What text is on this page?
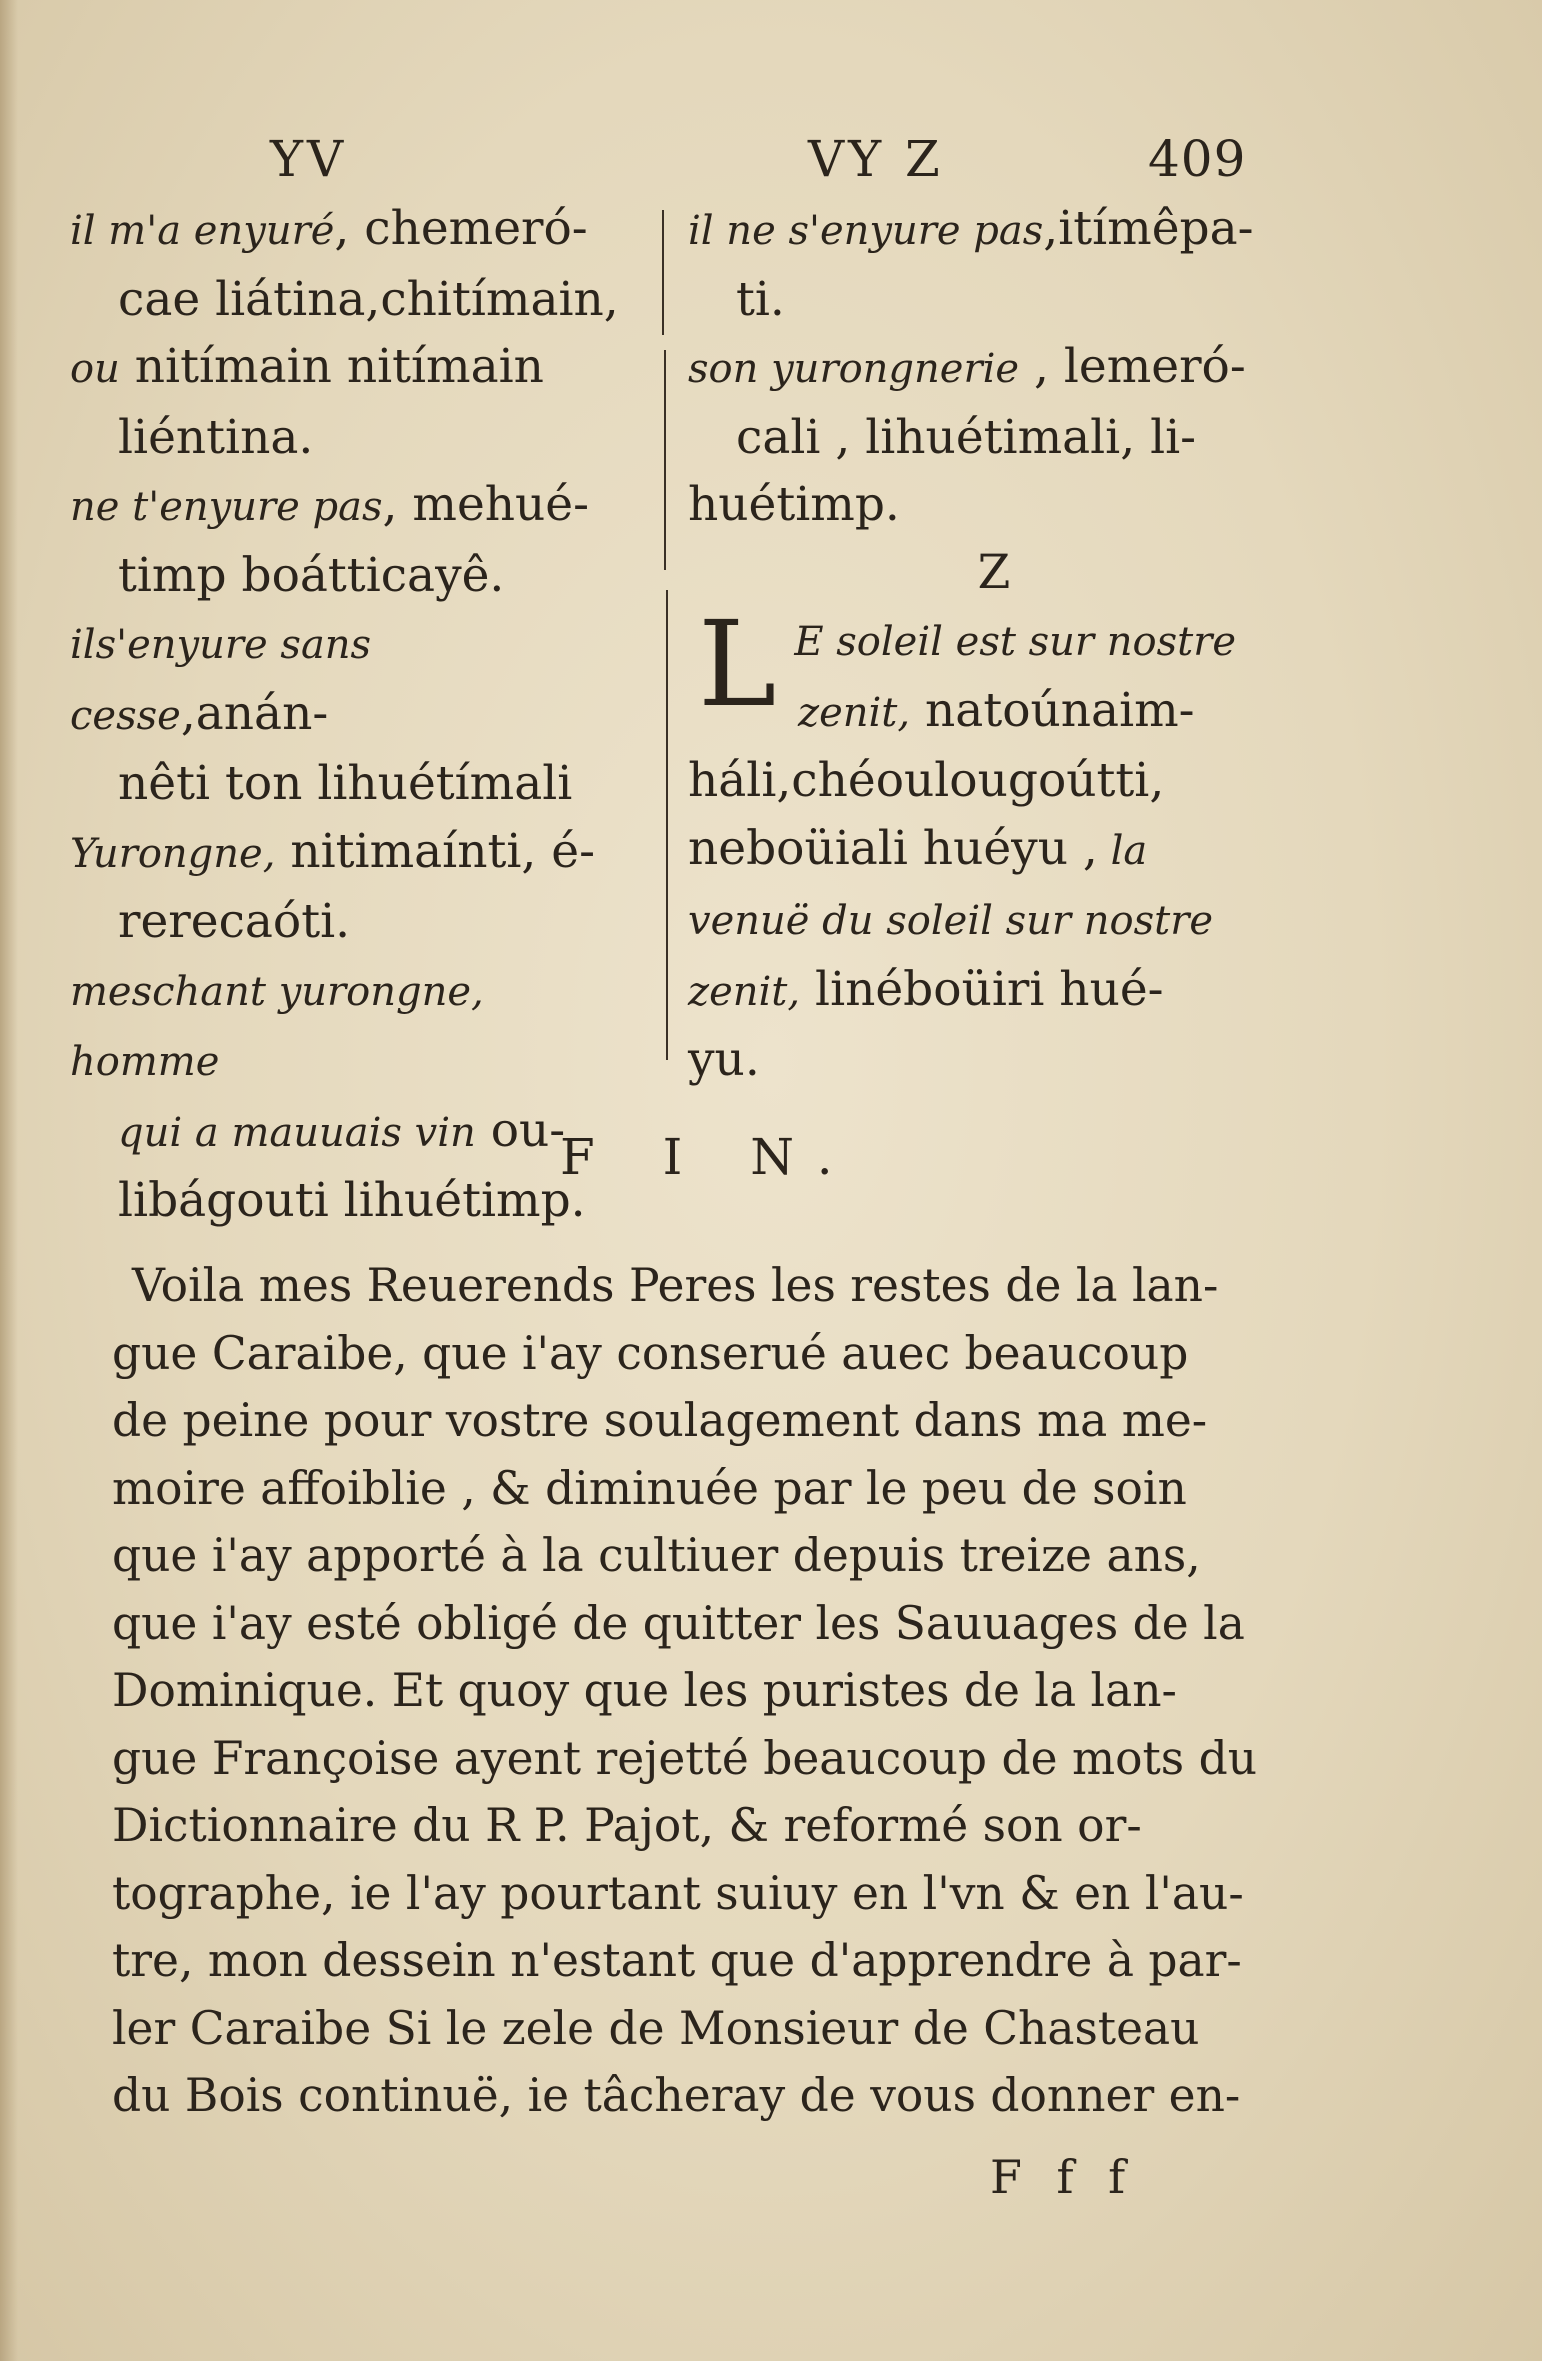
YV	VY Z	409
il m'a enyuré, chemeró-
cae liátina,chitímain,
ou nitímain nitímain
liéntina.
ne t'enyure pas, mehué-
timp boátticayê.
ils'enyure sans cesse,anán-
nêti ton lihuétímali
Yurongne, nitimaínti, é-
rerecaóti.
meschant yurongne, homme
qui a mauuais vin ou-
libágouti lihuétimp.
il ne s'enyure pas,itímêpa-
ti.
son yurongnerie , lemeró-
cali , lihuétimali, li-
huétimp.
Z
L E soleil est sur nostre
zenit, natoúnaim-
háli,chéoulougoútti,
neboüiali huéyu , la
venuë du soleil sur nostre
zenit, linéboüiri hué-
yu.
F I N.

Voila mes Reuerends Peres les restes de la lan-
gue Caraibe, que i'ay conserué auec beaucoup
de peine pour vostre soulagement dans ma me-
moire affoiblie , & diminuée par le peu de soin
que i'ay apporté à la cultiuer depuis treize ans,
que i'ay esté obligé de quitter les Sauuages de la
Dominique. Et quoy que les puristes de la lan-
gue Françoise ayent rejetté beaucoup de mots du
Dictionnaire du R P. Pajot, & reformé son or-
tographe, ie l'ay pourtant suiuy en l'vn & en l'au-
tre, mon dessein n'estant que d'apprendre à par-
ler Caraibe Si le zele de Monsieur de Chasteau
du Bois continuë, ie tâcheray de vous donner en-

F f f
